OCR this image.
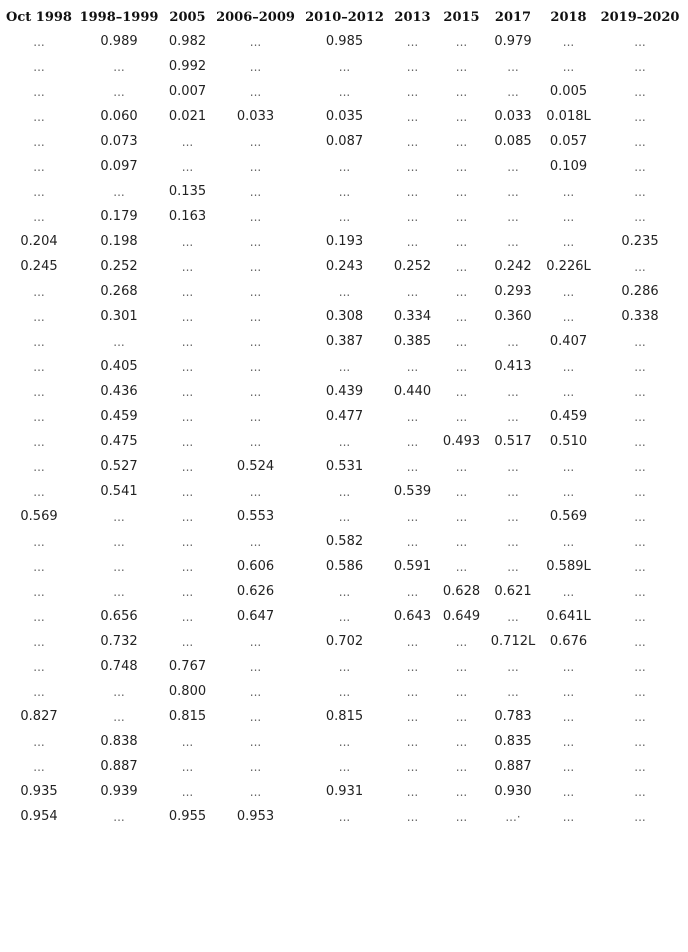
Oct 1998	1998–1999	2005	2006–2009	2010–2012	2013	2015	2017	2018	2019–2020
...	0.989	0.982	...	0.985	...	...	0.979	...	...
...	...	0.992	...	...	...	...	...	...	...
...	...	0.007	...	...	...	...	...	0.005	...
...	0.060	0.021	0.033	0.035	...	...	0.033	0.018L	...
...	0.073	...	...	0.087	...	...	0.085	0.057	...
...	0.097	...	...	...	...	...	...	0.109	...
...	...	0.135	...	...	...	...	...	...	...
...	0.179	0.163	...	...	...	...	...	...	...
0.204	0.198	...	...	0.193	...	...	...	...	0.235
0.245	0.252	...	...	0.243	0.252	...	0.242	0.226L	...
...	0.268	...	...	...	...	...	0.293	...	0.286
...	0.301	...	...	0.308	0.334	...	0.360	...	0.338
...	...	...	...	0.387	0.385	...	...	0.407	...
...	0.405	...	...	...	...	...	0.413	...	...
...	0.436	...	...	0.439	0.440	...	...	...	...
...	0.459	...	...	0.477	...	...	...	0.459	...
...	0.475	...	...	...	...	0.493	0.517	0.510	...
...	0.527	...	0.524	0.531	...	...	...	...	...
...	0.541	...	...	...	0.539	...	...	...	...
0.569	...	...	0.553	...	...	...	...	0.569	...
...	...	...	...	0.582	...	...	...	...	...
...	...	...	0.606	0.586	0.591	...	...	0.589L	...
...	...	...	0.626	...	...	0.628	0.621	...	...
...	0.656	...	0.647	...	0.643	0.649	...	0.641L	...
...	0.732	...	...	0.702	...	...	0.712L	0.676	...
...	0.748	0.767	...	...	...	...	...	...	...
...	...	0.800	...	...	...	...	...	...	...
0.827	...	0.815	...	0.815	...	...	0.783	...	...
...	0.838	...	...	...	...	...	0.835	...	...
...	0.887	...	...	...	...	...	0.887	...	...
0.935	0.939	...	...	0.931	...	...	0.930	...	...
0.954	...	0.955	0.953	...	...	...	...·	...	...
